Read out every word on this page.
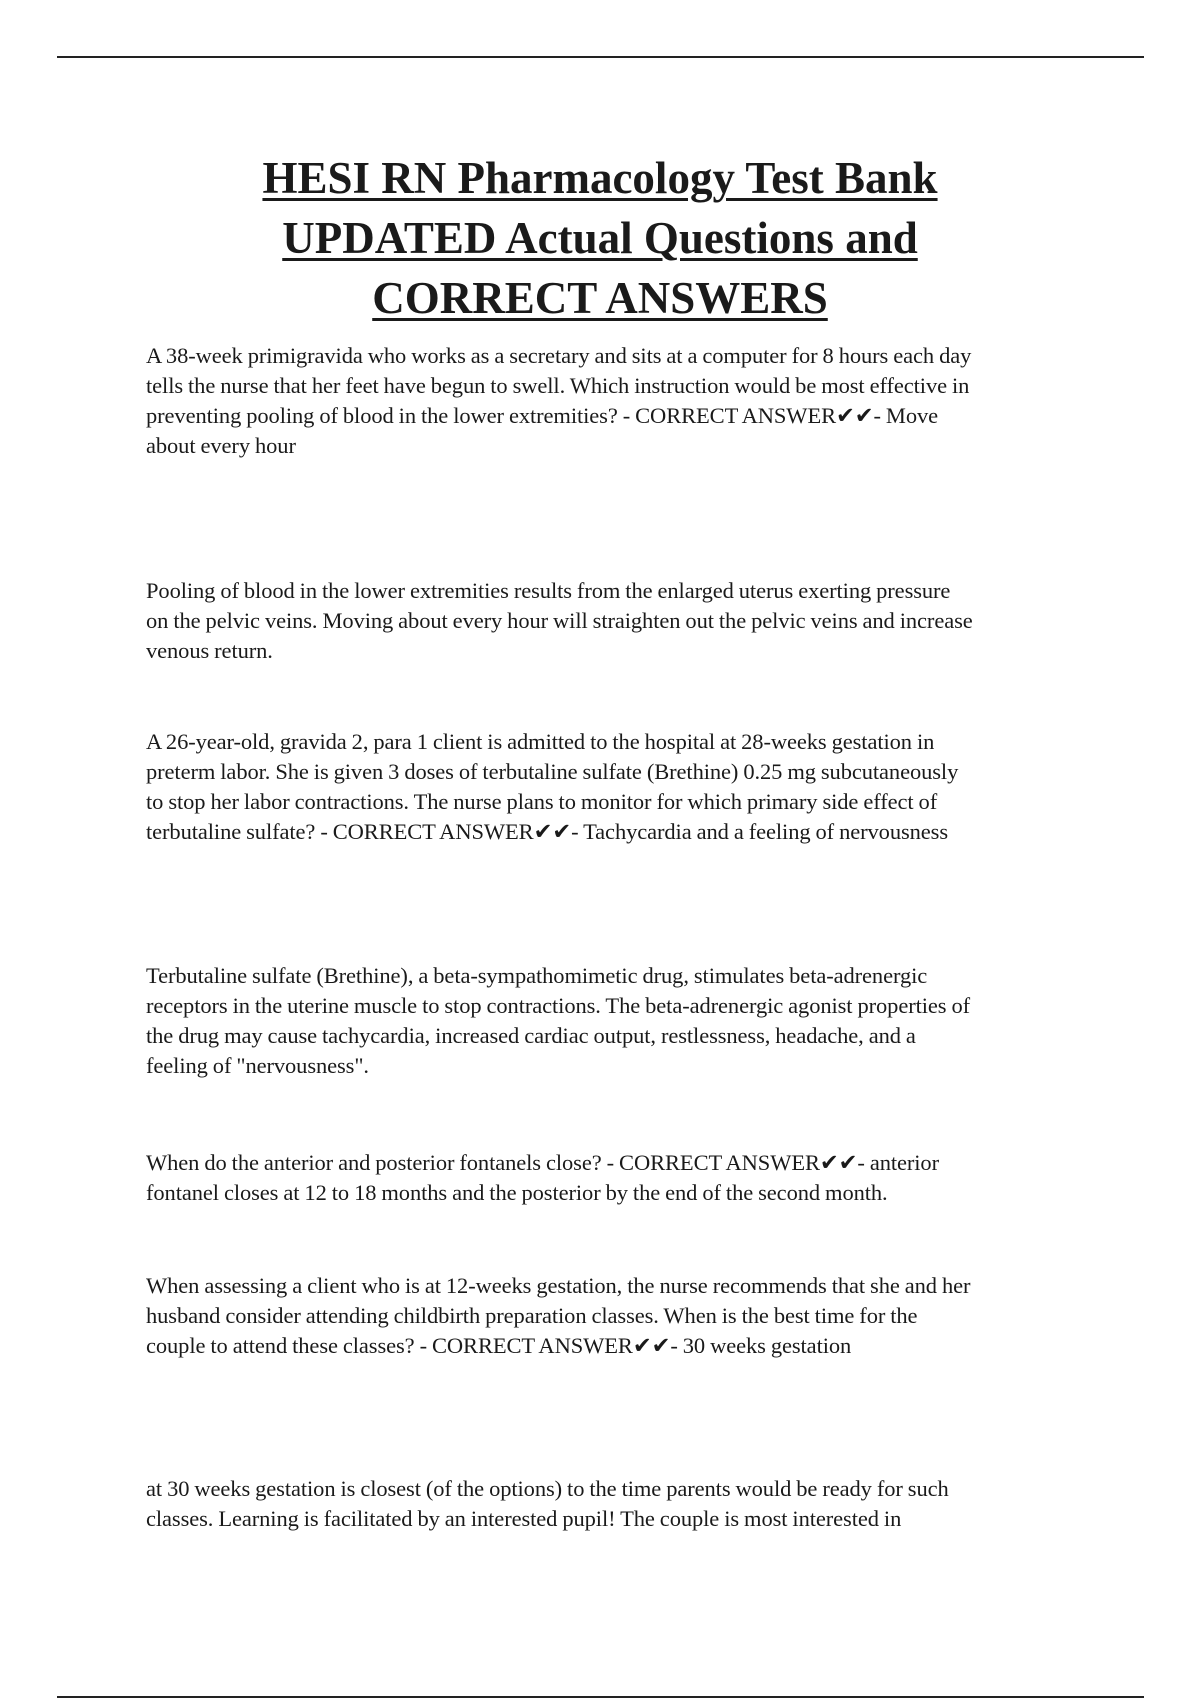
HESI RN Pharmacology Test Bank
UPDATED Actual Questions and
CORRECT ANSWERS

A 38-week primigravida who works as a secretary and sits at a computer for 8 hours each day
tells the nurse that her feet have begun to swell. Which instruction would be most effective in
preventing pooling of blood in the lower extremities? - CORRECT ANSWER✔✔- Move
about every hour

Pooling of blood in the lower extremities results from the enlarged uterus exerting pressure
on the pelvic veins. Moving about every hour will straighten out the pelvic veins and increase
venous return.

A 26-year-old, gravida 2, para 1 client is admitted to the hospital at 28-weeks gestation in
preterm labor. She is given 3 doses of terbutaline sulfate (Brethine) 0.25 mg subcutaneously
to stop her labor contractions. The nurse plans to monitor for which primary side effect of
terbutaline sulfate? - CORRECT ANSWER✔✔- Tachycardia and a feeling of nervousness

Terbutaline sulfate (Brethine), a beta-sympathomimetic drug, stimulates beta-adrenergic
receptors in the uterine muscle to stop contractions. The beta-adrenergic agonist properties of
the drug may cause tachycardia, increased cardiac output, restlessness, headache, and a
feeling of "nervousness".

When do the anterior and posterior fontanels close? - CORRECT ANSWER✔✔- anterior
fontanel closes at 12 to 18 months and the posterior by the end of the second month.

When assessing a client who is at 12-weeks gestation, the nurse recommends that she and her
husband consider attending childbirth preparation classes. When is the best time for the
couple to attend these classes? - CORRECT ANSWER✔✔- 30 weeks gestation

at 30 weeks gestation is closest (of the options) to the time parents would be ready for such
classes. Learning is facilitated by an interested pupil! The couple is most interested in
